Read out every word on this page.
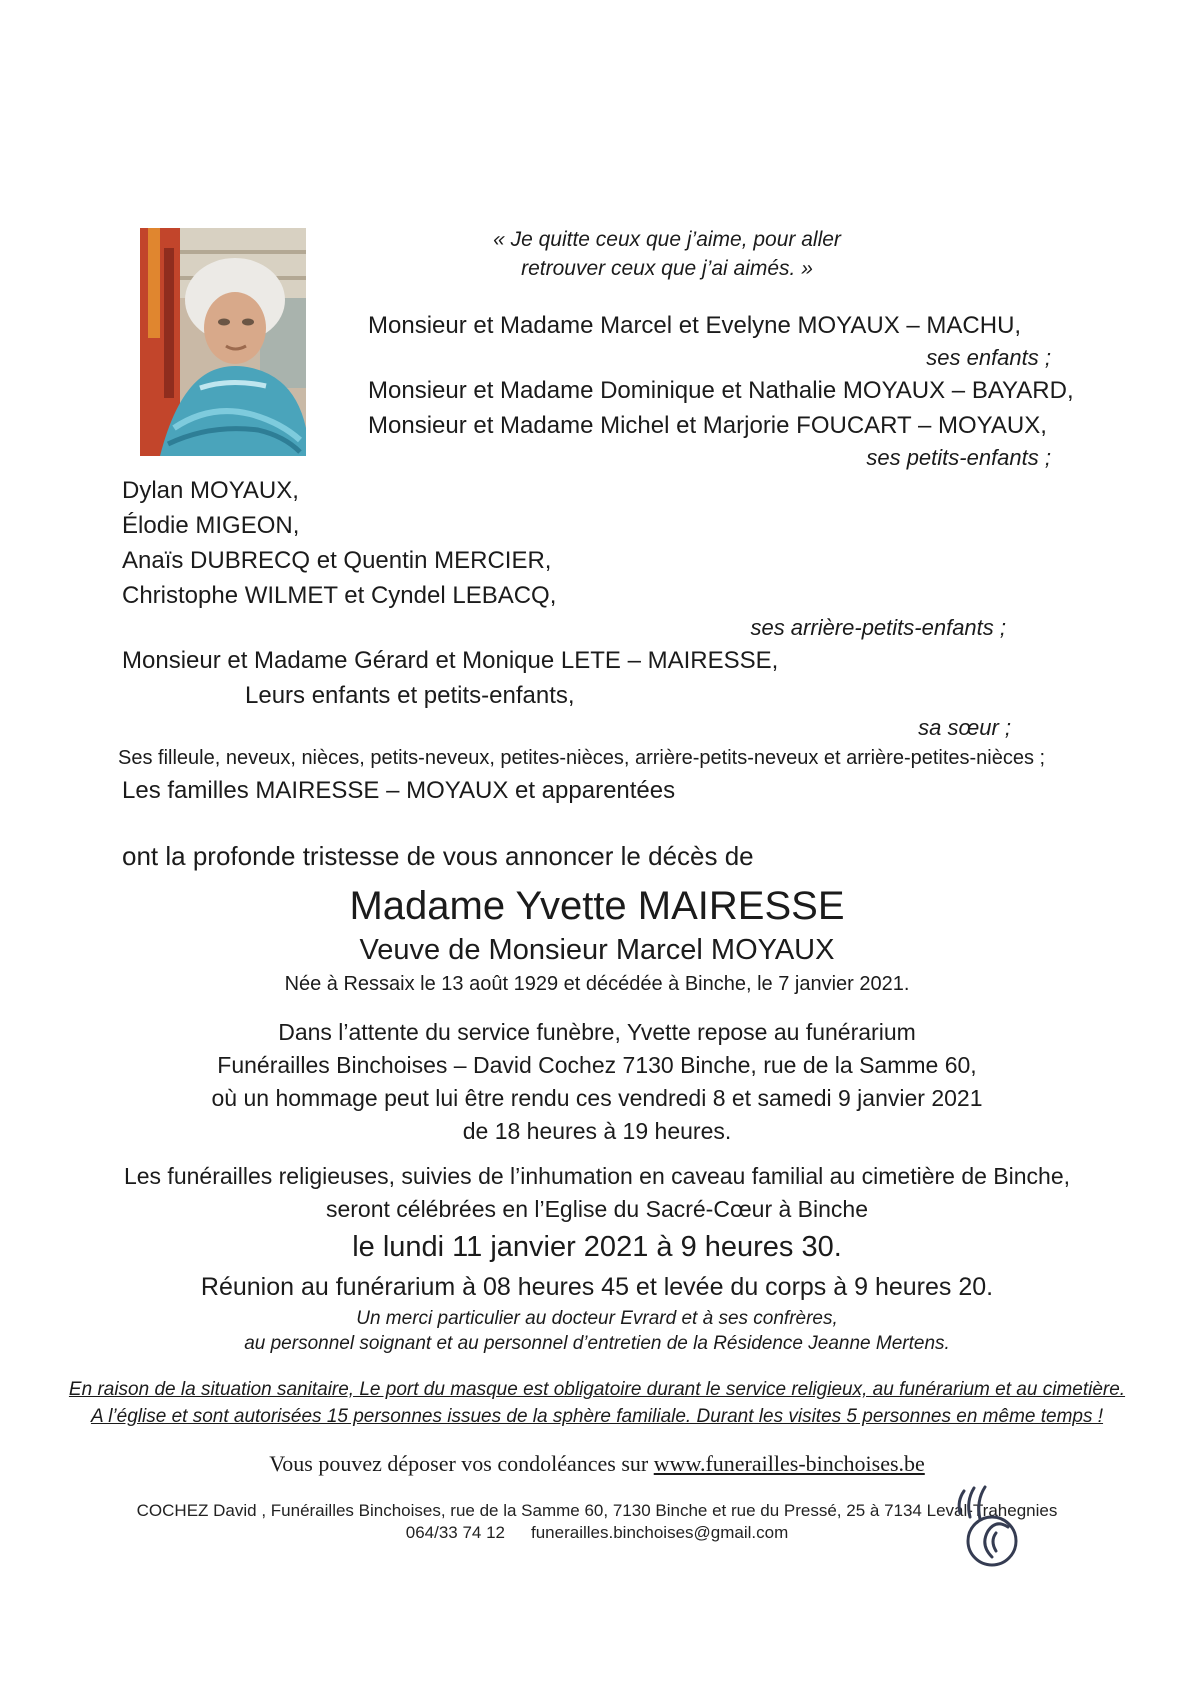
« Je quitte ceux que j’aime, pour aller
retrouver ceux que j’ai aimés. »
Monsieur et Madame Marcel et Evelyne MOYAUX – MACHU,
ses enfants ;
Monsieur et Madame Dominique et Nathalie MOYAUX – BAYARD,
Monsieur et Madame Michel et Marjorie FOUCART – MOYAUX,
ses petits-enfants ;
Dylan MOYAUX,
Élodie MIGEON,
Anaïs DUBRECQ et Quentin MERCIER,
Christophe WILMET et Cyndel LEBACQ,
ses arrière-petits-enfants ;
Monsieur et Madame Gérard et Monique LETE – MAIRESSE,
Leurs enfants et petits-enfants,
sa sœur ;
Ses filleule, neveux, nièces, petits-neveux, petites-nièces, arrière-petits-neveux et arrière-petites-nièces ;
Les familles MAIRESSE – MOYAUX et apparentées
ont la profonde tristesse de vous annoncer le décès de
Madame Yvette MAIRESSE
Veuve de Monsieur Marcel MOYAUX
Née à Ressaix le 13 août 1929 et décédée à Binche, le 7 janvier 2021.
Dans l’attente du service funèbre, Yvette repose au funérarium
Funérailles Binchoises – David Cochez 7130 Binche, rue de la Samme 60,
où un hommage peut lui être rendu ces vendredi 8 et samedi 9 janvier 2021
de 18 heures à 19 heures.
Les funérailles religieuses, suivies de l’inhumation en caveau familial au cimetière de Binche,
seront célébrées en l’Eglise du Sacré-Cœur à Binche
le lundi 11 janvier 2021 à 9 heures 30.
Réunion au funérarium à 08 heures 45 et levée du corps à 9 heures 20.
Un merci particulier au docteur Evrard et à ses confrères,
au personnel soignant et au personnel d’entretien de la Résidence Jeanne Mertens.
En raison de la situation sanitaire, Le port du masque est obligatoire durant le service religieux, au funérarium et au cimetière.
A l’église et sont autorisées 15 personnes issues de la sphère familiale. Durant les visites 5 personnes en même temps !
Vous pouvez déposer vos condoléances sur www.funerailles-binchoises.be
COCHEZ David , Funérailles Binchoises, rue de la Samme 60, 7130 Binche et rue du Pressé, 25 à 7134 Leval-Trahegnies
064/33 74 12 funerailles.binchoises@gmail.com
